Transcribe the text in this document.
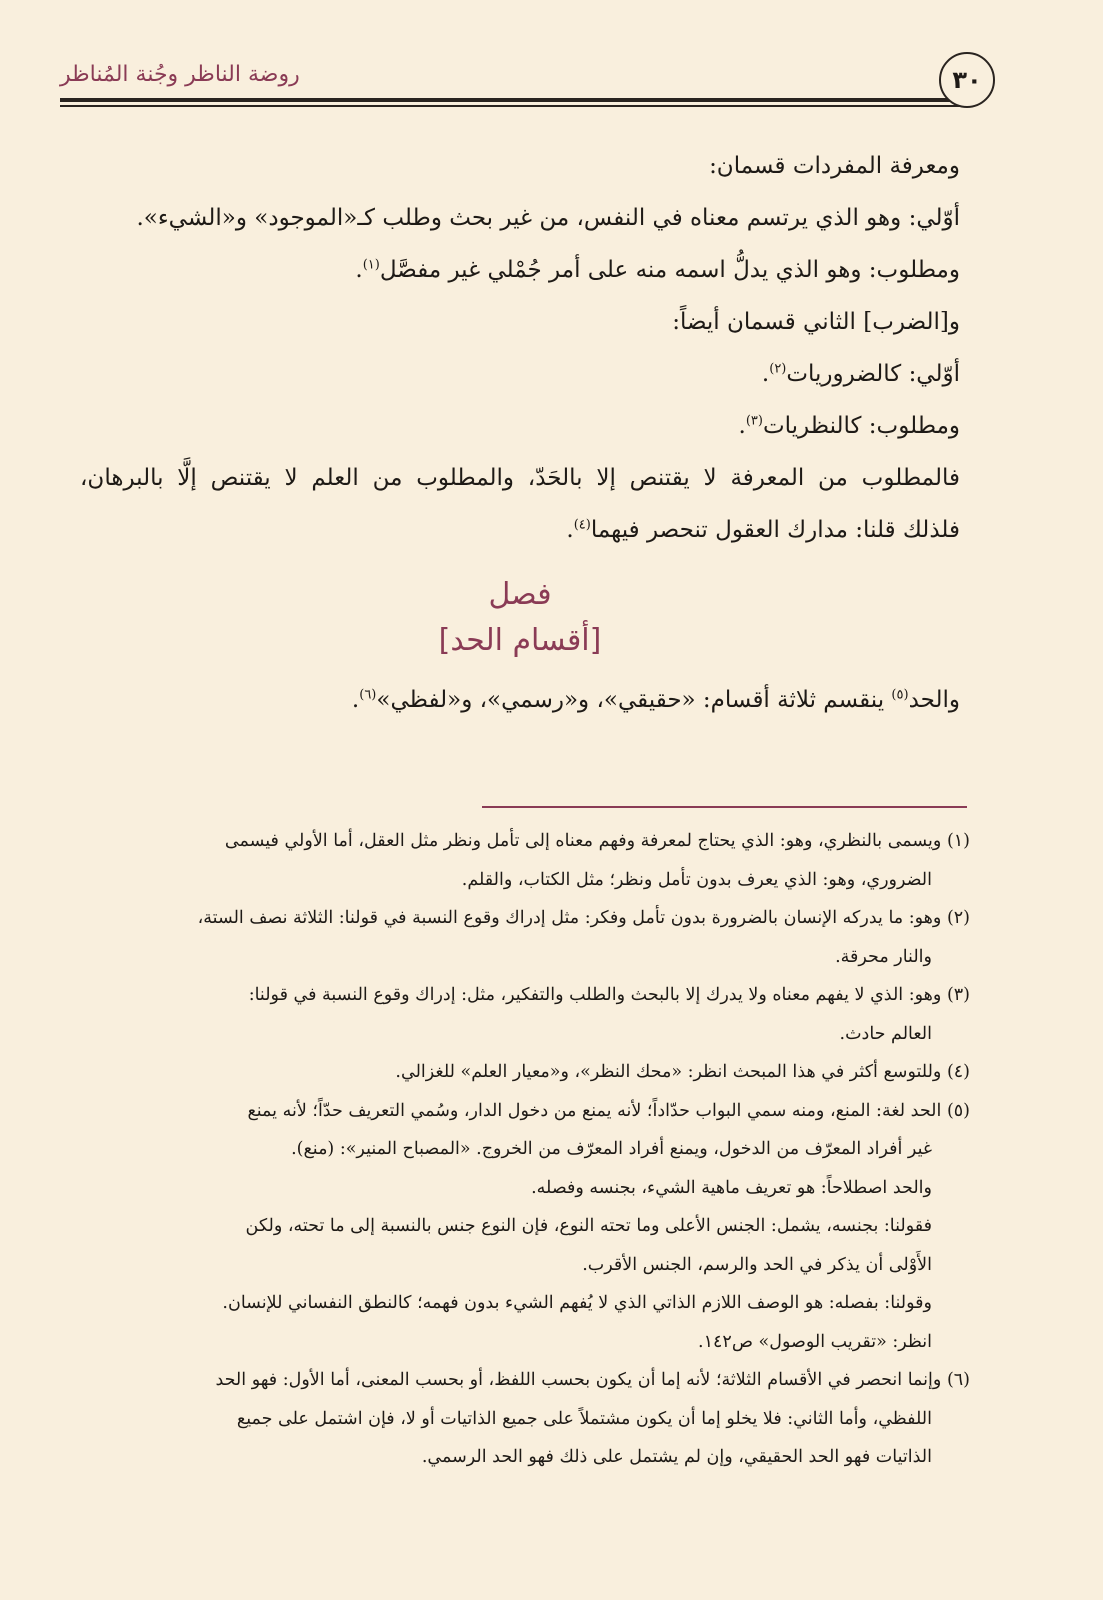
روضة الناظر وجُنة المُناظر	٣٠
ومعرفة المفردات قسمان:
أوّلي: وهو الذي يرتسم معناه في النفس، من غير بحث وطلب كـ«الموجود» و«الشيء».
ومطلوب: وهو الذي يدلُّ اسمه منه على أمر جُمْلي غير مفصَّل$^{(١)}$.
و[الضرب] الثاني قسمان أيضاً:
أوّلي: كالضروريات$^{(٢)}$.
ومطلوب: كالنظريات$^{(٣)}$.
فالمطلوب من المعرفة لا يقتنص إلا بالحَدّ، والمطلوب من العلم لا يقتنص إلَّا بالبرهان،
فلذلك قلنا: مدارك العقول تنحصر فيهما$^{(٤)}$.
فصل
[أقسام الحد]
والحد$^{(٥)}$ ينقسم ثلاثة أقسام: «حقيقي»، و«رسمي»، و«لفظي»$^{(٦)}$.
(١) ويسمى بالنظري، وهو: الذي يحتاج لمعرفة وفهم معناه إلى تأمل ونظر مثل العقل، أما الأولي فيسمى
الضروري، وهو: الذي يعرف بدون تأمل ونظر؛ مثل الكتاب، والقلم.
(٢) وهو: ما يدركه الإنسان بالضرورة بدون تأمل وفكر: مثل إدراك وقوع النسبة في قولنا: الثلاثة نصف الستة،
والنار محرقة.
(٣) وهو: الذي لا يفهم معناه ولا يدرك إلا بالبحث والطلب والتفكير، مثل: إدراك وقوع النسبة في قولنا:
العالم حادث.
(٤) وللتوسع أكثر في هذا المبحث انظر: «محك النظر»، و«معيار العلم» للغزالي.
(٥) الحد لغة: المنع، ومنه سمي البواب حدّاداً؛ لأنه يمنع من دخول الدار، وسُمي التعريف حدّاً؛ لأنه يمنع
غير أفراد المعرّف من الدخول، ويمنع أفراد المعرّف من الخروج. «المصباح المنير»: (منع).
والحد اصطلاحاً: هو تعريف ماهية الشيء، بجنسه وفصله.
فقولنا: بجنسه، يشمل: الجنس الأعلى وما تحته النوع، فإن النوع جنس بالنسبة إلى ما تحته، ولكن
الأَوْلى أن يذكر في الحد والرسم، الجنس الأقرب.
وقولنا: بفصله: هو الوصف اللازم الذاتي الذي لا يُفهم الشيء بدون فهمه؛ كالنطق النفساني للإنسان.
انظر: «تقريب الوصول» ص١٤٢.
(٦) وإنما انحصر في الأقسام الثلاثة؛ لأنه إما أن يكون بحسب اللفظ، أو بحسب المعنى، أما الأول: فهو الحد
اللفظي، وأما الثاني: فلا يخلو إما أن يكون مشتملاً على جميع الذاتيات أو لا، فإن اشتمل على جميع
الذاتيات فهو الحد الحقيقي، وإن لم يشتمل على ذلك فهو الحد الرسمي.
